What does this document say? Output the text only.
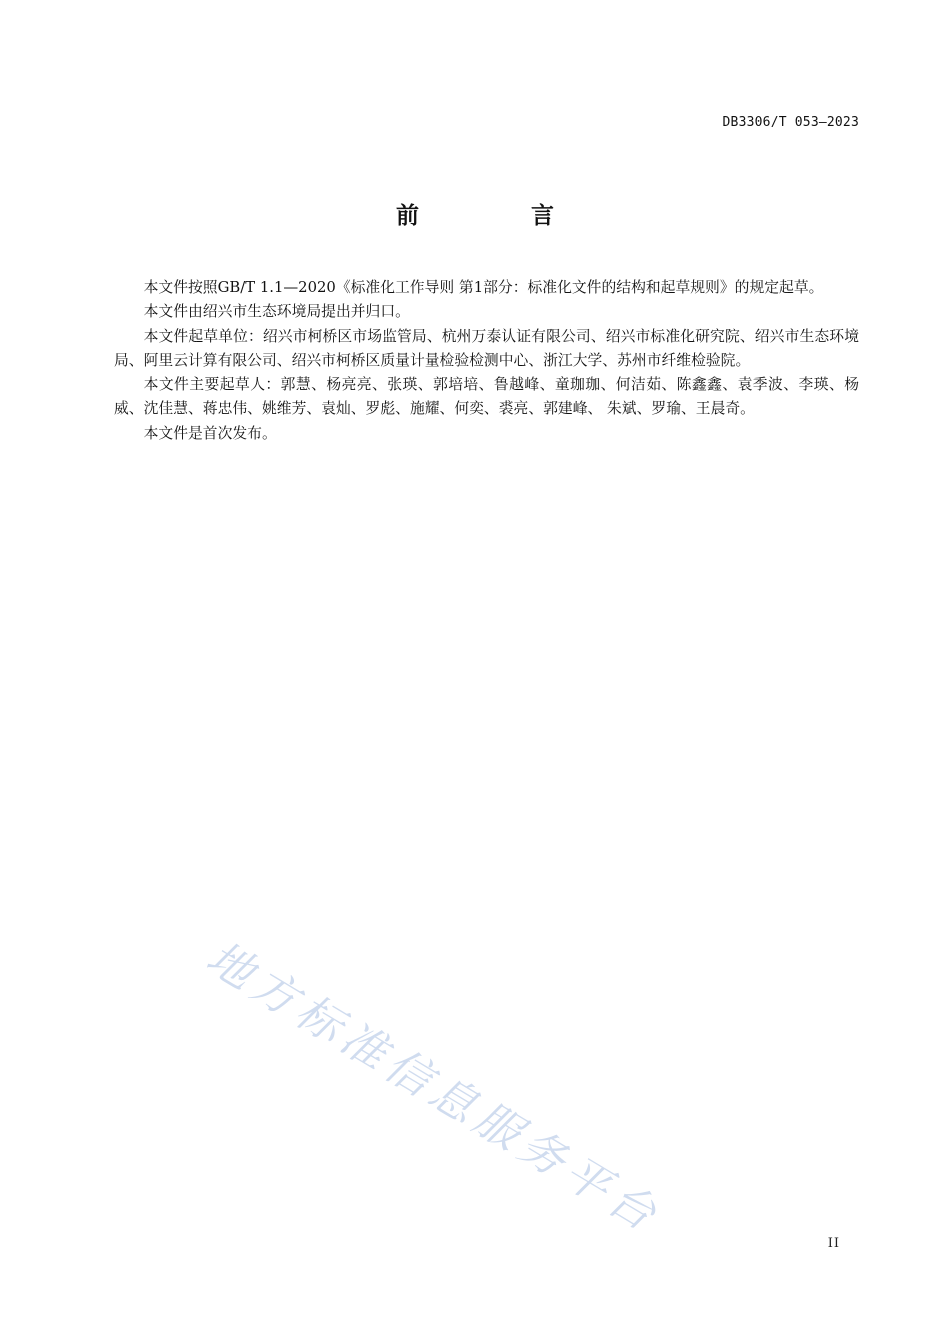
DB3306/T 053—2023
前 言

本文件按照GB/T 1.1—2020《标准化工作导则 第1部分：标准化文件的结构和起草规则》的规定起草。

本文件由绍兴市生态环境局提出并归口。

本文件起草单位：绍兴市柯桥区市场监管局、杭州万泰认证有限公司、绍兴市标准化研究院、绍兴市生态环境局、阿里云计算有限公司、绍兴市柯桥区质量计量检验检测中心、浙江大学、苏州市纤维检验院。

本文件主要起草人：郭慧、杨亮亮、张瑛、郭培培、鲁越峰、童珈珈、何洁茹、陈鑫鑫、袁季波、李瑛、杨威、沈佳慧、蒋忠伟、姚维芳、袁灿、罗彪、施耀、何奕、裘亮、郭建峰、 朱斌、罗瑜、王晨奇。

本文件是首次发布。

地方标准信息服务平台	II
